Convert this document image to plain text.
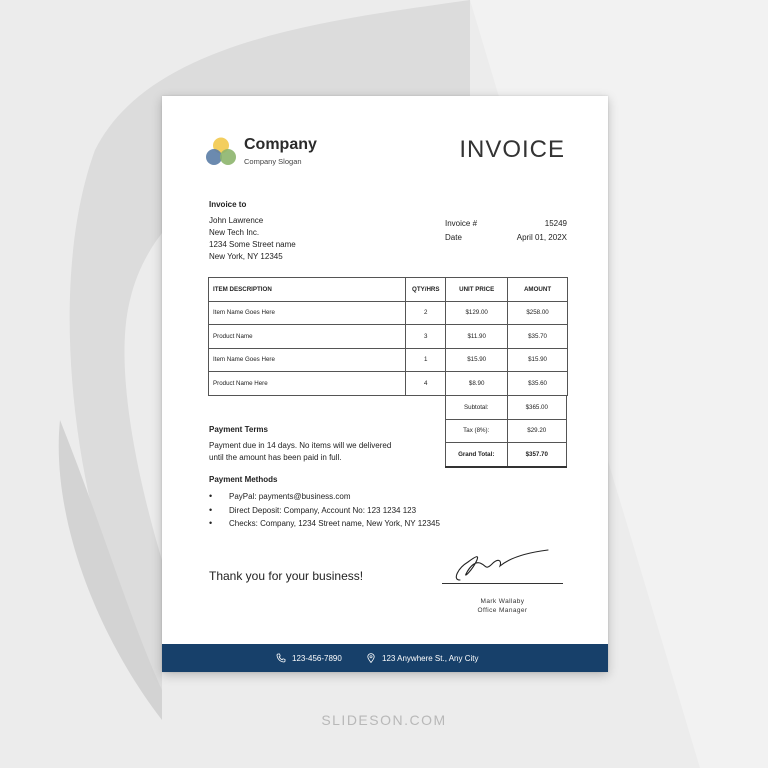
Company
Company Slogan	INVOICE
Invoice to
John Lawrence
New Tech Inc.
1234 Some Street name
New York, NY 12345
Invoice #	15249
Date	April 01, 202X
ITEM DESCRIPTION	QTY/HRS	UNIT PRICE	AMOUNT
Item Name Goes Here	2	$129.00	$258.00
Product Name	3	$11.90	$35.70
Item Name Goes Here	1	$15.90	$15.90
Product Name Here	4	$8.90	$35.60
Subtotal:	$365.00
Tax (8%):	$29.20
Grand Total:	$357.70
Payment Terms
Payment due in 14 days. No items will we delivered
until the amount has been paid in full.
Payment Methods
• PayPal: payments@business.com
• Direct Deposit: Company, Account No: 123 1234 123
• Checks: Company, 1234 Street name, New York, NY 12345
Thank you for your business!
Mark Wallaby
Office Manager
123-456-7890	123 Anywhere St., Any City
SLIDESON.COM
